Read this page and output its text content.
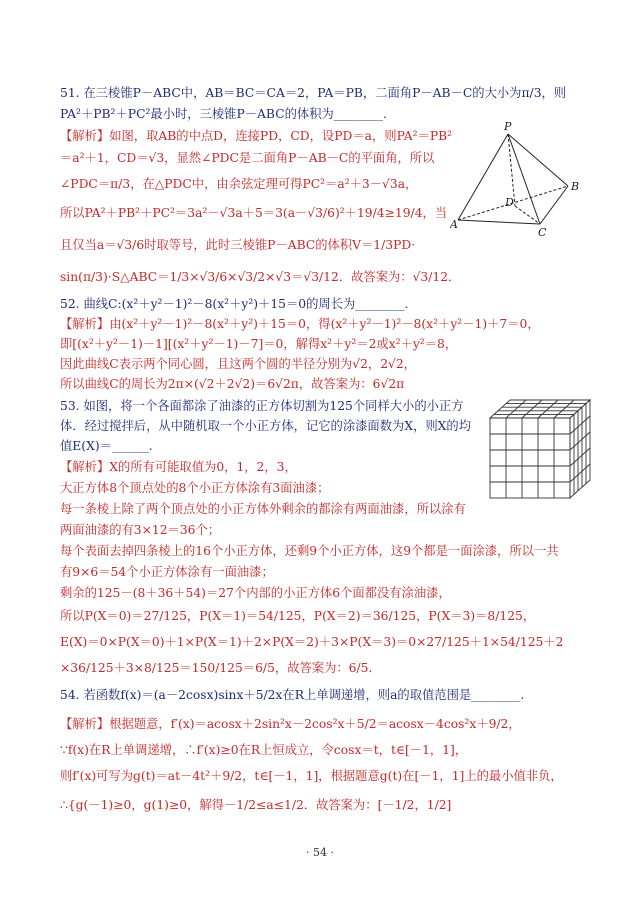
51. 在三棱锥P－ABC中，AB＝BC＝CA＝2，PA＝PB，二面角P－AB－C的大小为π/3，则
PA²＋PB²＋PC²最小时，三棱锥P－ABC的体积为________.
【解析】如图，取AB的中点D，连接PD，CD，设PD＝a，则PA²＝PB²
＝a²＋1，CD＝√3，显然∠PDC是二面角P－AB－C的平面角，所以
∠PDC＝π/3，在△PDC中，由余弦定理可得PC²＝a²＋3－√3a，
所以PA²＋PB²＋PC²＝3a²－√3a＋5＝3(a－√3/6)²＋19/4≥19/4，当
且仅当a＝√3/6时取等号，此时三棱锥P－ABC的体积V＝1/3PD·
sin(π/3)·S△ABC＝1/3×√3/6×√3/2×√3＝√3/12．故答案为：√3/12．
P
A
B
C
D
52. 曲线C:(x²＋y²－1)²－8(x²＋y²)＋15＝0的周长为________.
【解析】由(x²＋y²－1)²－8(x²＋y²)＋15＝0，得(x²＋y²－1)²－8(x²＋y²－1)＋7＝0，
即[(x²＋y²－1)－1][(x²＋y²－1)－7]＝0，解得x²＋y²＝2或x²＋y²＝8，
因此曲线C表示两个同心圆，且这两个圆的半径分别为√2，2√2，
所以曲线C的周长为2π×(√2＋2√2)＝6√2π，故答案为：6√2π
53. 如图，将一个各面都涂了油漆的正方体切割为125个同样大小的小正方
体．经过搅拌后，从中随机取一个小正方体，记它的涂漆面数为X，则X的均
值E(X)＝______.
【解析】X的所有可能取值为0，1，2，3，
大正方体8个顶点处的8个小正方体涂有3面油漆；
每一条棱上除了两个顶点处的小正方体外剩余的都涂有两面油漆，所以涂有
两面油漆的有3×12＝36个；
每个表面去掉四条棱上的16个小正方体，还剩9个小正方体，这9个都是一面涂漆，所以一共
有9×6＝54个小正方体涂有一面油漆；
剩余的125－(8＋36＋54)＝27个内部的小正方体6个面都没有涂油漆，
所以P(X＝0)＝27/125，P(X＝1)＝54/125，P(X＝2)＝36/125，P(X＝3)＝8/125，
E(X)＝0×P(X＝0)＋1×P(X＝1)＋2×P(X＝2)＋3×P(X＝3)＝0×27/125＋1×54/125＋2
×36/125＋3×8/125＝150/125＝6/5，故答案为：6/5．
54. 若函数f(x)＝(a－2cosx)sinx＋5/2x在R上单调递增，则a的取值范围是________.
【解析】根据题意，f′(x)＝acosx＋2sin²x－2cos²x＋5/2＝acosx－4cos²x＋9/2，
∵f(x)在R上单调递增，∴f′(x)≥0在R上恒成立，令cosx＝t，t∈[－1，1]，
则f′(x)可写为g(t)＝at－4t²＋9/2，t∈[－1，1]，根据题意g(t)在[－1，1]上的最小值非负，
∴{g(－1)≥0，g(1)≥0，解得－1/2≤a≤1/2．故答案为：[－1/2，1/2]
· 54 ·
